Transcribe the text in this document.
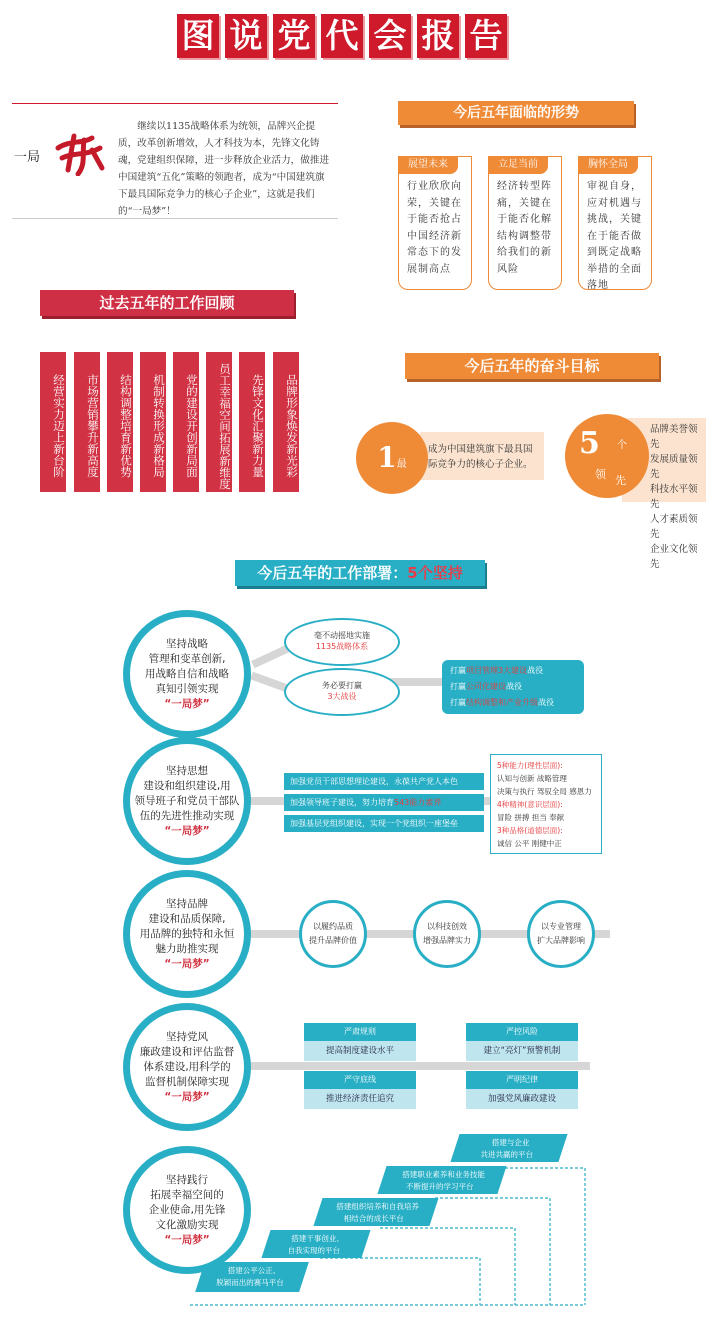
图 说 党 代 会 报 告
一局
继续以1135战略体系为统领，品牌兴企提质，改革创新增效，人才科技为本，先锋文化铸魂，党建组织保障，进一步释放企业活力，做推进中国建筑“五化”策略的领跑者，成为“中国建筑旗下最具国际竞争力的核心子企业”，这就是我们的“一局梦”！
今后五年面临的形势
展望未来
行业欣欣向荣，关键在于能否抢占中国经济新常态下的发展制高点
立足当前
经济转型阵痛，关键在于能否化解结构调整带给我们的新风险
胸怀全局
审视自身，应对机遇与挑战，关键在于能否做到既定战略举措的全面落地
过去五年的工作回顾
经营实力迈上新台阶	市场营销攀升新高度	结构调整培育新优势	机制转换形成新格局	党的建设开创新局面	员工幸福空间拓展新维度	先锋文化汇聚新力量	品牌形象焕发新光彩
今后五年的奋斗目标
成为中国建筑旗下最具国际竞争力的核心子企业。
1最
品牌美誉领先
发展质量领先
科技水平领先
人才素质领先
企业文化领先
5 个
领 先
今后五年的工作部署：5个坚持
坚持战略
管理和变革创新,
用战略自信和战略
真知引领实现
“一局梦”
毫不动摇地实施
1135战略体系
务必要打赢
3大战役
打赢项目管理3大建设战役
打赢公司化建设战役
打赢结构调整和产业升级战役
坚持思想
建设和组织建设,用
领导班子和党员干部队
伍的先进性推动实现
“一局梦”
加强党员干部思想理论建设，永葆共产党人本色
加强领导班子建设，努力培育543能力素养
加强基层党组织建设，实现一个党组织一座堡垒
5种能力(理性层面):
认知与创新 战略管理
决策与执行 驾驭全局 感恩力
4种精神(意识层面):
冒险 拼搏 担当 奉献
3种品格(道德层面):
诚信 公平 刚健中正
坚持品牌
建设和品质保障,
用品牌的独特和永恒
魅力助推实现
“一局梦”
以履约品质
提升品牌价值
以科技创效
增强品牌实力
以专业管理
扩大品牌影响
坚持党风
廉政建设和评估监督
体系建设,用科学的
监督机制保障实现
“一局梦”
严肃规则
提高制度建设水平
严控风险
建立“亮灯”预警机制
严守底线
推进经济责任追究
严明纪律
加强党风廉政建设
搭建与企业
共进共赢的平台
搭建职业素养和业务技能
不断提升的学习平台
搭建组织培养和自我培养
相结合的成长平台
搭建干事创业、
自我实现的平台
搭建公平公正、
脱颖而出的赛马平台
坚持践行
拓展幸福空间的
企业使命,用先锋
文化激励实现
“一局梦”
